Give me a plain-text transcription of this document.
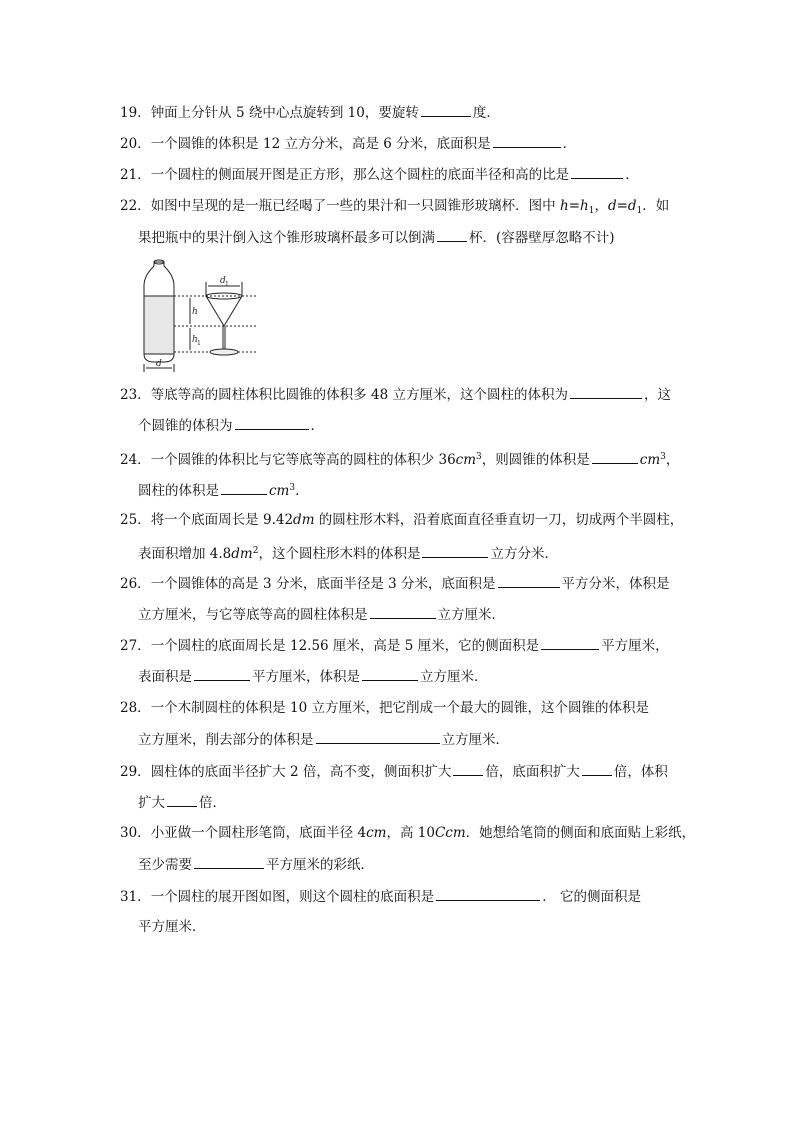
19．钟面上分针从 5 绕中心点旋转到 10，要旋转	度．
20．一个圆锥的体积是 12 立方分米，高是 6 分米，底面积是	．
21．一个圆柱的侧面展开图是正方形，那么这个圆柱的底面半径和高的比是	．
22．如图中呈现的是一瓶已经喝了一些的果汁和一只圆锥形玻璃杯．图中 $h=h_1$，$d=d_1$．如
果把瓶中的果汁倒入这个锥形玻璃杯最多可以倒满	杯．(容器壁厚忽略不计)
h
h 1
d
d 1
23．等底等高的圆柱体积比圆锥的体积多 48 立方厘米，这个圆柱的体积为	，这
个圆锥的体积为	．
24．一个圆锥的体积比与它等底等高的圆柱的体积少 $36cm^3$，则圆锥的体积是	$cm^3$，
圆柱的体积是	$cm^3$．
25．将一个底面周长是 9.42dm 的圆柱形木料，沿着底面直径垂直切一刀，切成两个半圆柱，
表面积增加 $4.8dm^2$，这个圆柱形木料的体积是	立方分米．
26．一个圆锥体的高是 3 分米，底面半径是 3 分米，底面积是	平方分米，体积是
立方厘米，与它等底等高的圆柱体积是	立方厘米．
27．一个圆柱的底面周长是 12.56 厘米，高是 5 厘米，它的侧面积是	平方厘米，
表面积是	平方厘米，体积是	立方厘米．
28．一个木制圆柱的体积是 10 立方厘米，把它削成一个最大的圆锥，这个圆锥的体积是
立方厘米，削去部分的体积是	立方厘米．
29．圆柱体的底面半径扩大 2 倍，高不变，侧面积扩大	倍，底面积扩大	倍，体积
扩大	倍．
30．小亚做一个圆柱形笔筒，底面半径 4cm，高 10Ccm．她想给笔筒的侧面和底面贴上彩纸，
至少需要	平方厘米的彩纸．
31．一个圆柱的展开图如图，则这个圆柱的底面积是	． 它的侧面积是
平方厘米．
